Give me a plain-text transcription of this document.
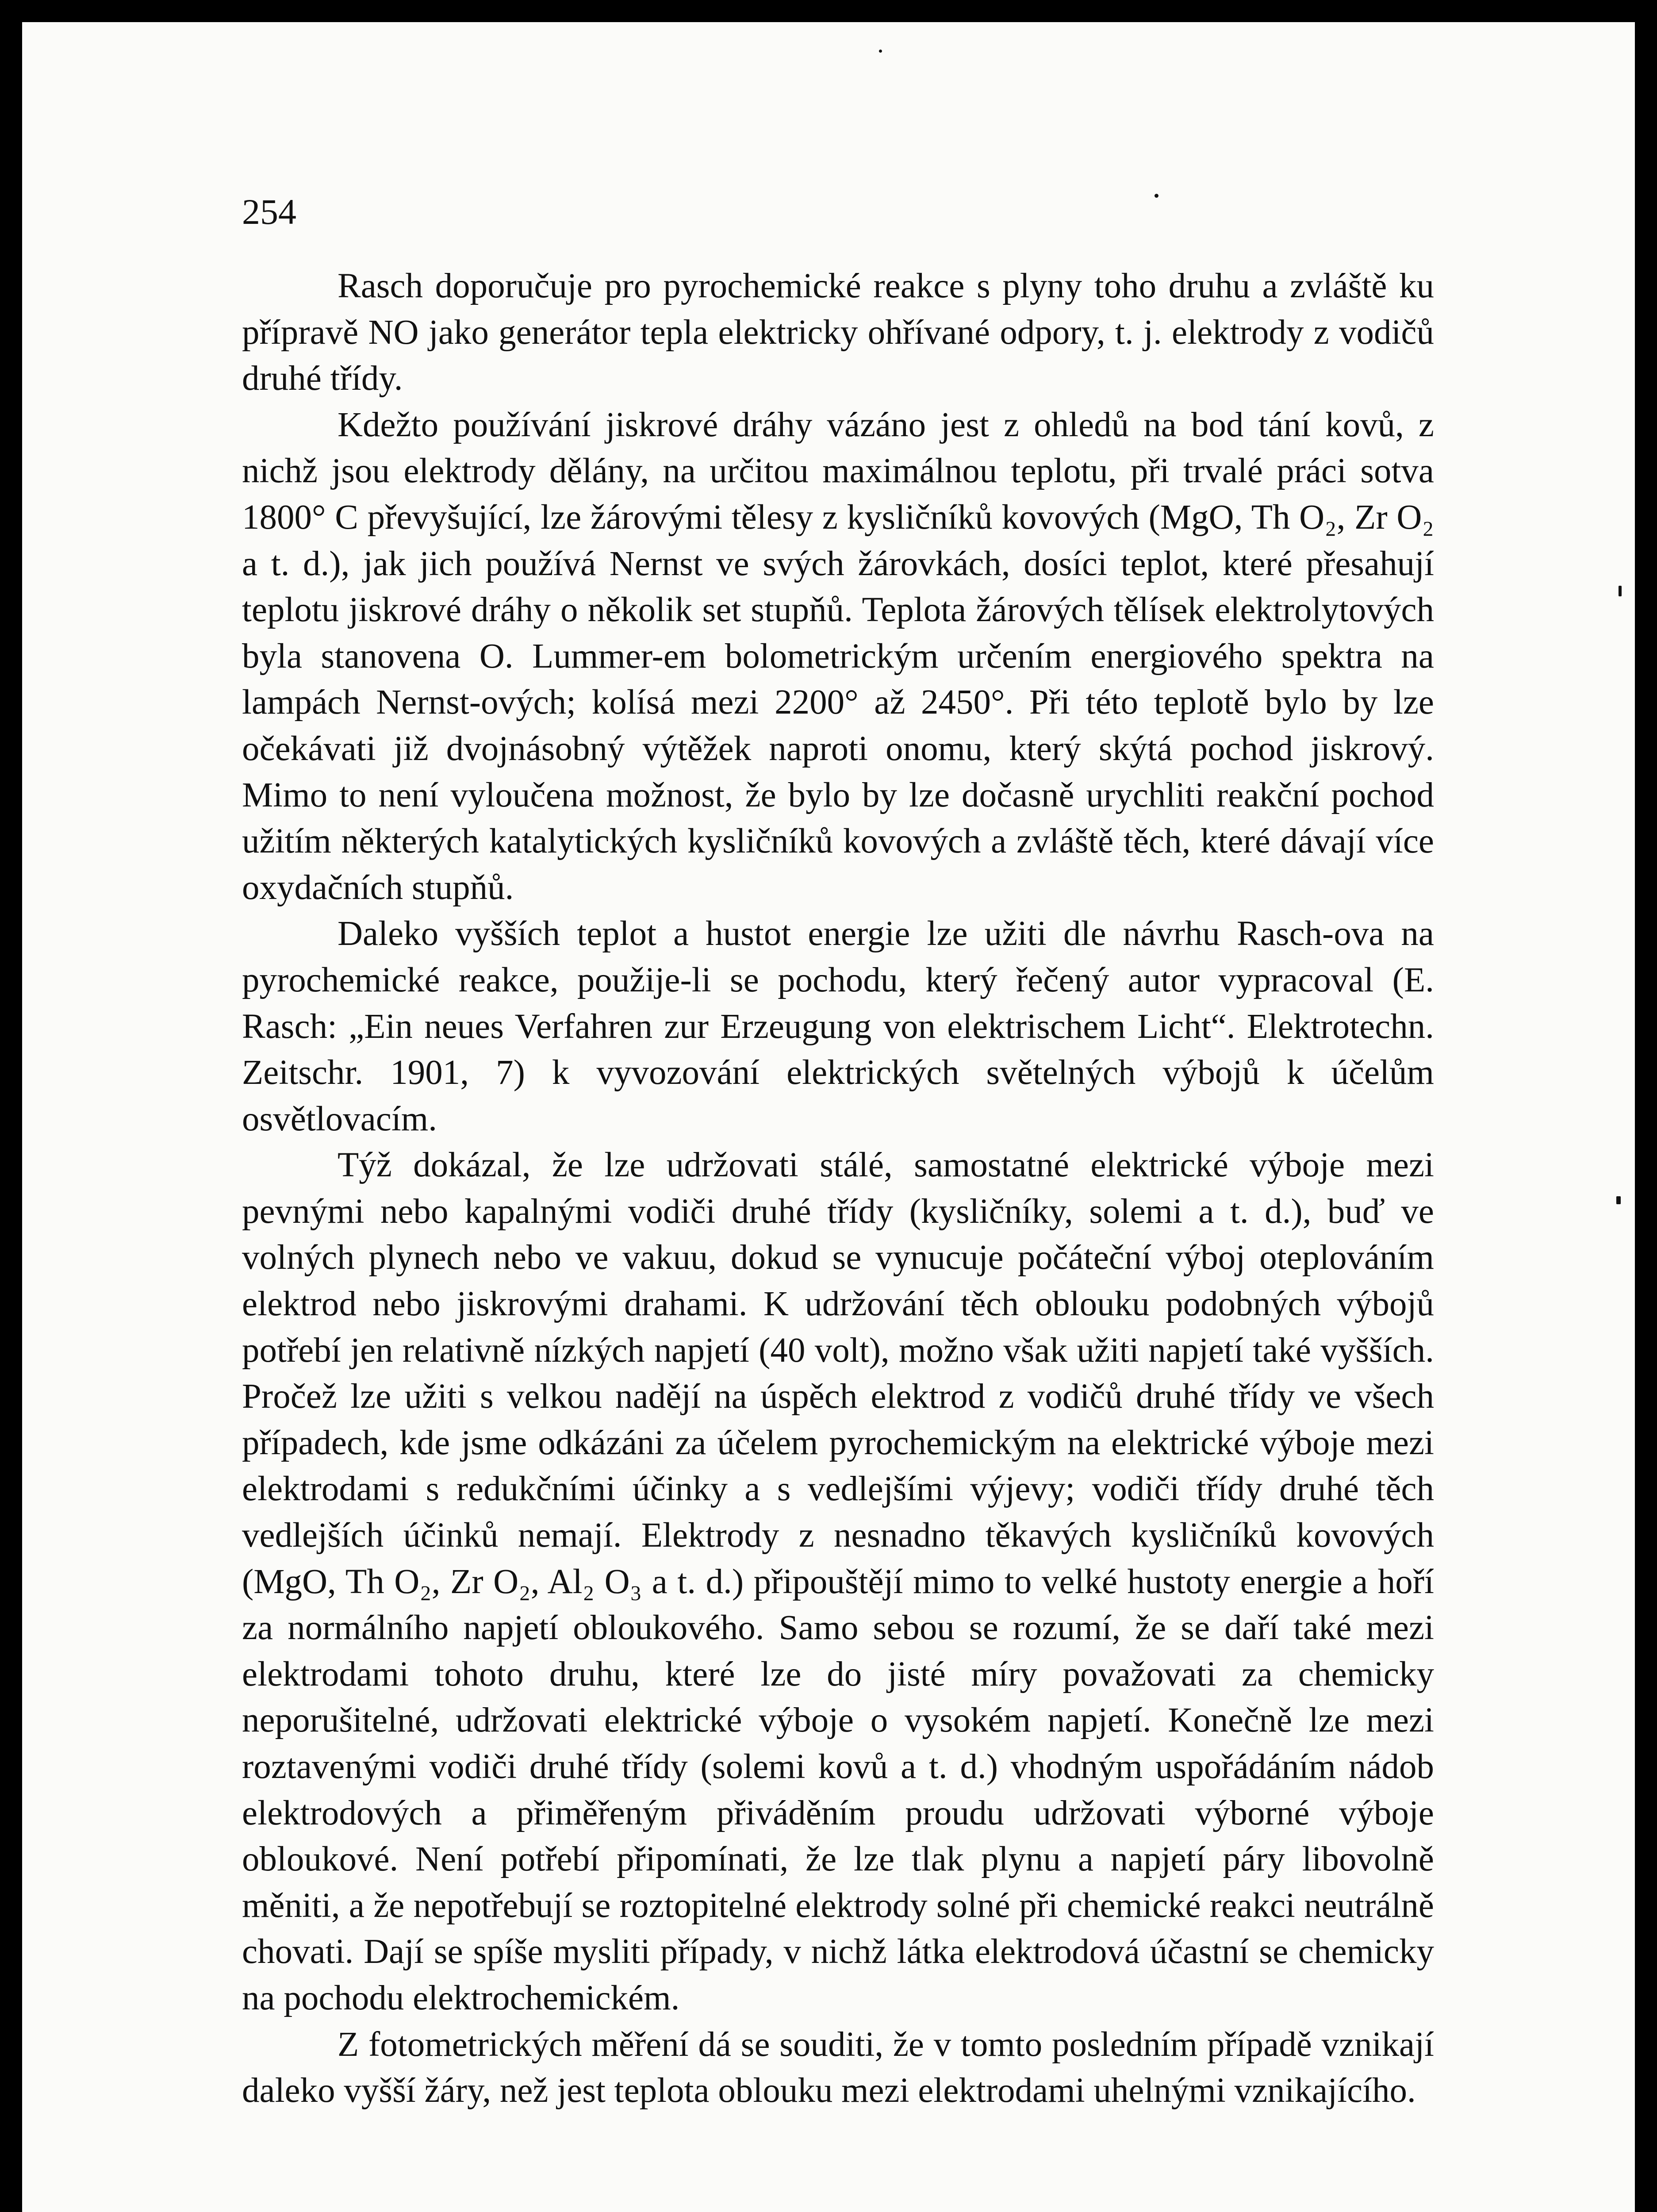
254

Rasch doporučuje pro pyrochemické reakce s plyny toho druhu a zvláště ku přípravě NO jako generátor tepla elektricky ohřívané odpory, t. j. elektrody z vodičů druhé třídy.

Kdežto používání jiskrové dráhy vázáno jest z ohledů na bod tání kovů, z nichž jsou elektrody dělány, na určitou maximálnou teplotu, při trvalé práci sotva 1800° C převyšující, lze žárovými tělesy z kysličníků kovových (MgO, Th O₂, Zr O₂ a t. d.), jak jich používá Nernst ve svých žárovkách, dosíci teplot, které přesahují teplotu jiskrové dráhy o několik set stupňů. Teplota žárových tělísek elektrolytových byla stanovena O. Lummer-em bolometrickým určením energiového spektra na lampách Nernst-ových; kolísá mezi 2200° až 2450°. Při této teplotě bylo by lze očekávati již dvojnásobný výtěžek naproti onomu, který skýtá pochod jiskrový. Mimo to není vyloučena možnost, že bylo by lze dočasně urychliti reakční pochod užitím některých katalytických kysličníků kovových a zvláště těch, které dávají více oxydačních stupňů.

Daleko vyšších teplot a hustot energie lze užiti dle návrhu Rasch-ova na pyrochemické reakce, použije-li se pochodu, který řečený autor vypracoval (E. Rasch: „Ein neues Verfahren zur Erzeugung von elektrischem Licht“. Elektrotechn. Zeitschr. 1901, 7) k vyvozování elektrických světelných výbojů k účelům osvětlovacím.

Týž dokázal, že lze udržovati stálé, samostatné elektrické výboje mezi pevnými nebo kapalnými vodiči druhé třídy (kysličníky, solemi a t. d.), buď ve volných plynech nebo ve vakuu, dokud se vynucuje počáteční výboj oteplováním elektrod nebo jiskrovými drahami. K udržování těch oblouku podobných výbojů potřebí jen relativně nízkých napjetí (40 volt), možno však užiti napjetí také vyšších. Pročež lze užiti s velkou nadějí na úspěch elektrod z vodičů druhé třídy ve všech případech, kde jsme odkázáni za účelem pyrochemickým na elektrické výboje mezi elektrodami s redukčními účinky a s vedlejšími výjevy; vodiči třídy druhé těch vedlejších účinků nemají. Elektrody z nesnadno těkavých kysličníků kovových (MgO, Th O₂, Zr O₂, Al₂ O₃ a t. d.) připouštějí mimo to velké hustoty energie a hoří za normálního napjetí obloukového. Samo sebou se rozumí, že se daří také mezi elektrodami tohoto druhu, které lze do jisté míry považovati za chemicky neporušitelné, udržovati elektrické výboje o vysokém napjetí. Konečně lze mezi roztavenými vodiči druhé třídy (solemi kovů a t. d.) vhodným uspořádáním nádob elektrodových a přiměřeným přiváděním proudu udržovati výborné výboje obloukové. Není potřebí připomínati, že lze tlak plynu a napjetí páry libovolně měniti, a že nepotřebují se roztopitelné elektrody solné při chemické reakci neutrálně chovati. Dají se spíše mysliti případy, v nichž látka elektrodová účastní se chemicky na pochodu elektrochemickém.

Z fotometrických měření dá se souditi, že v tomto posledním případě vznikají daleko vyšší žáry, než jest teplota oblouku mezi elektrodami uhelnými vznikajícího.
